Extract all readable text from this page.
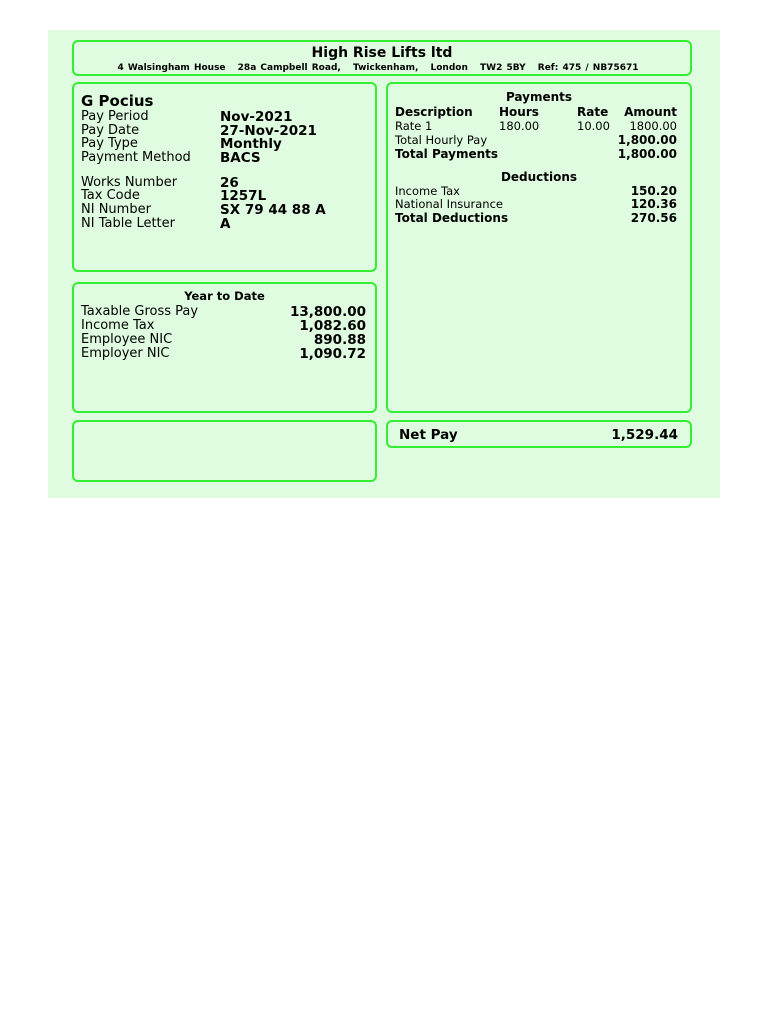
High Rise Lifts ltd
4 Walsingham House 28a Campbell Road, Twickenham, London TW2 5BY Ref: 475 / NB75671
G Pocius
Pay Period	Nov-2021
Pay Date	27-Nov-2021
Pay Type	Monthly
Payment Method BACS
Works Number	26
Tax Code	1257L
NI Number	SX 79 44 88 A
NI Table Letter	A
Year to Date
Taxable Gross Pay	13,800.00
Income Tax	1,082.60
Employee NIC	890.88
Employer NIC	1,090.72
Payments
Description Hours	Rate Amount
Rate 1	180.00	10.00 1800.00
Total Hourly Pay	1,800.00
Total Payments	1,800.00
Deductions
Income Tax	150.20
National Insurance	120.36
Total Deductions	270.56
Net Pay	1,529.44
